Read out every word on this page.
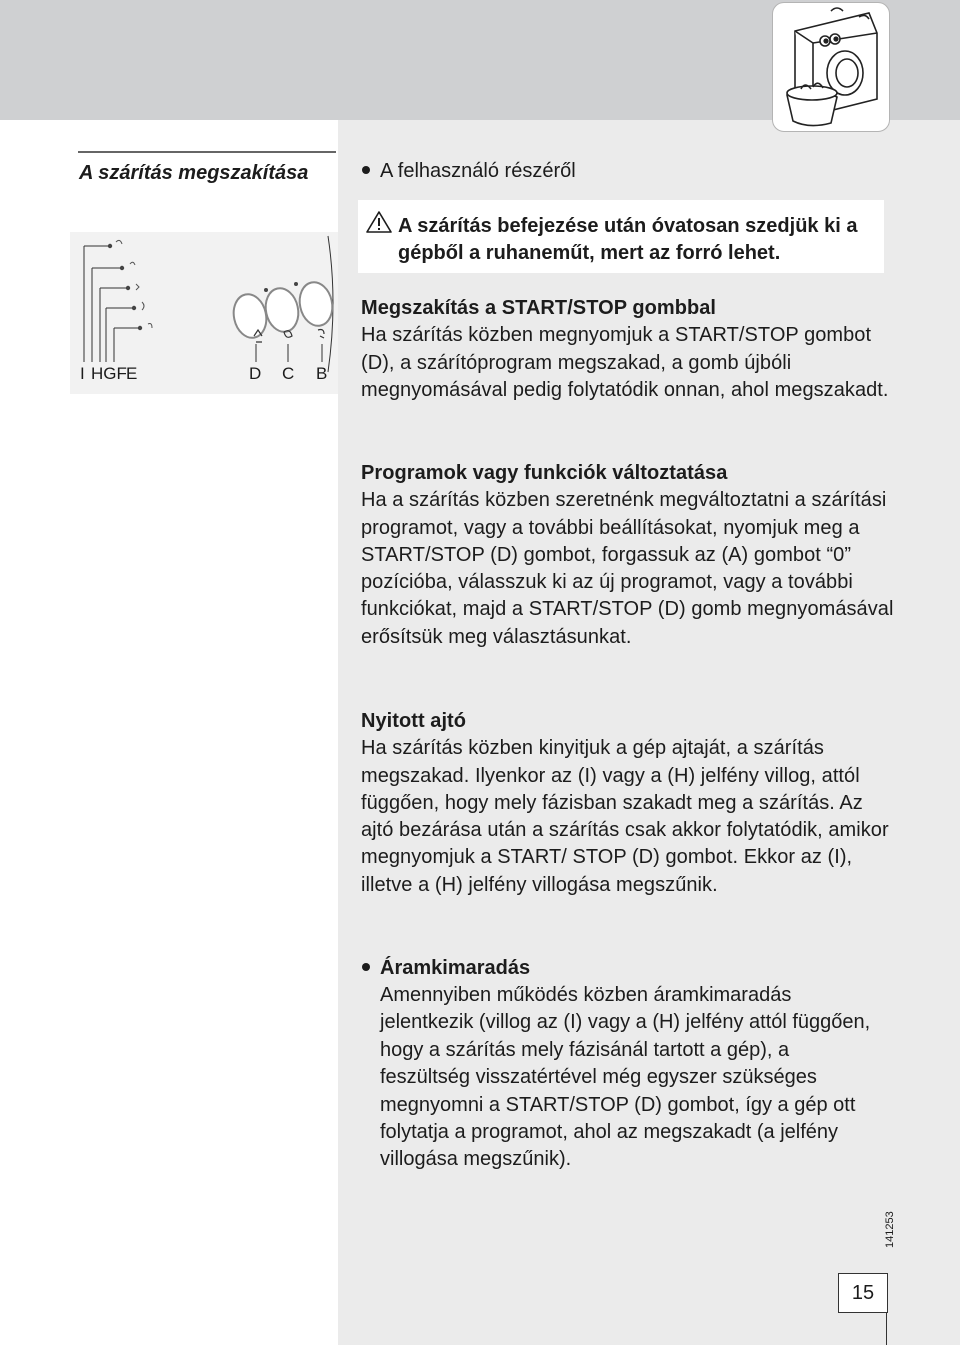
A szárítás megszakítása
I HGF E	D C B
A felhasználó részéről
A szárítás befejezése után óvatosan szedjük ki a gépből a ruhaneműt, mert az forró lehet.
Megszakítás a START/STOP gombbal
Ha szárítás közben megnyomjuk a START/STOP gombot (D), a szárítóprogram megszakad, a gomb újbóli megnyomásával pedig folytatódik onnan, ahol megszakadt.
Programok vagy funkciók változtatása
Ha a szárítás közben szeretnénk megváltoztatni a szárítási programot, vagy a további beállításokat, nyomjuk meg a START/STOP (D) gombot, forgassuk az (A) gombot “0” pozícióba, válasszuk ki az új programot, vagy a további funkciókat, majd a START/STOP (D) gomb megnyomásával erősítsük meg választásunkat.
Nyitott ajtó
Ha szárítás közben kinyitjuk a gép ajtaját, a szárítás megszakad. Ilyenkor az (I) vagy a (H) jelfény villog, attól függően, hogy mely fázisban szakadt meg a szárítás. Az ajtó bezárása után a szárítás csak akkor folytatódik, amikor megnyomjuk a START/ STOP (D) gombot. Ekkor az (I), illetve a (H) jelfény villogása megszűnik.
Áramkimaradás
Amennyiben működés közben áramkimaradás jelentkezik (villog az (I) vagy a (H) jelfény attól függően, hogy a szárítás mely fázisánál tartott a gép), a feszültség visszatértével még egyszer szükséges megnyomni a START/STOP (D) gombot, így a gép ott folytatja a programot, ahol az megszakadt (a jelfény villogása megszűnik).
141253
15
